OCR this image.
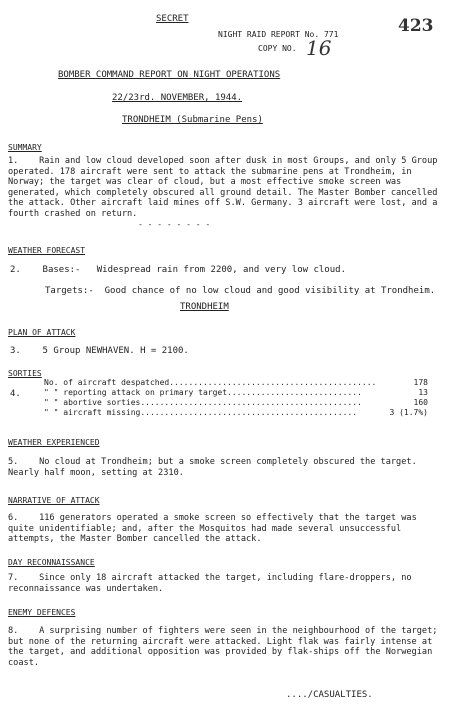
SECRET	423
NIGHT RAID REPORT No. 771
COPY NO. 16
BOMBER COMMAND REPORT ON NIGHT OPERATIONS
22/23rd. NOVEMBER, 1944.
TRONDHEIM (Submarine Pens)
SUMMARY

1. Rain and low cloud developed soon after dusk in most Groups, and only 5 Group operated. 178 aircraft were sent to attack the submarine pens at Trondheim, in Norway; the target was clear of cloud, but a most effective smoke screen was generated, which completely obscured all ground detail. The Master Bomber cancelled the attack. Other aircraft laid mines off S.W. Germany. 3 aircraft were lost, and a fourth crashed on return.

- - - - - - - -
WEATHER FORECAST
2. Bases:- Widespread rain from 2200, and very low cloud.
Targets:- Good chance of no low cloud and good visibility at Trondheim.
TRONDHEIM
PLAN OF ATTACK
3. 5 Group NEWHAVEN. H = 2100.
SORTIES
4.
No. of aircraft despatched...........................................	178
" " reporting attack on primary target............................	13
" " abortive sorties..............................................	160
" " aircraft missing.............................................	3 (1.7%)
WEATHER EXPERIENCED

5. No cloud at Trondheim; but a smoke screen completely obscured the target. Nearly half moon, setting at 2310.

NARRATIVE OF ATTACK

6. 116 generators operated a smoke screen so effectively that the target was quite unidentifiable; and, after the Mosquitos had made several unsuccessful attempts, the Master Bomber cancelled the attack.

DAY RECONNAISSANCE

7. Since only 18 aircraft attacked the target, including flare-droppers, no reconnaissance was undertaken.

ENEMY DEFENCES

8. A surprising number of fighters were seen in the neighbourhood of the target; but none of the returning aircraft were attacked. Light flak was fairly intense at the target, and additional opposition was provided by flak-ships off the Norwegian coast.

..../CASUALTIES.
